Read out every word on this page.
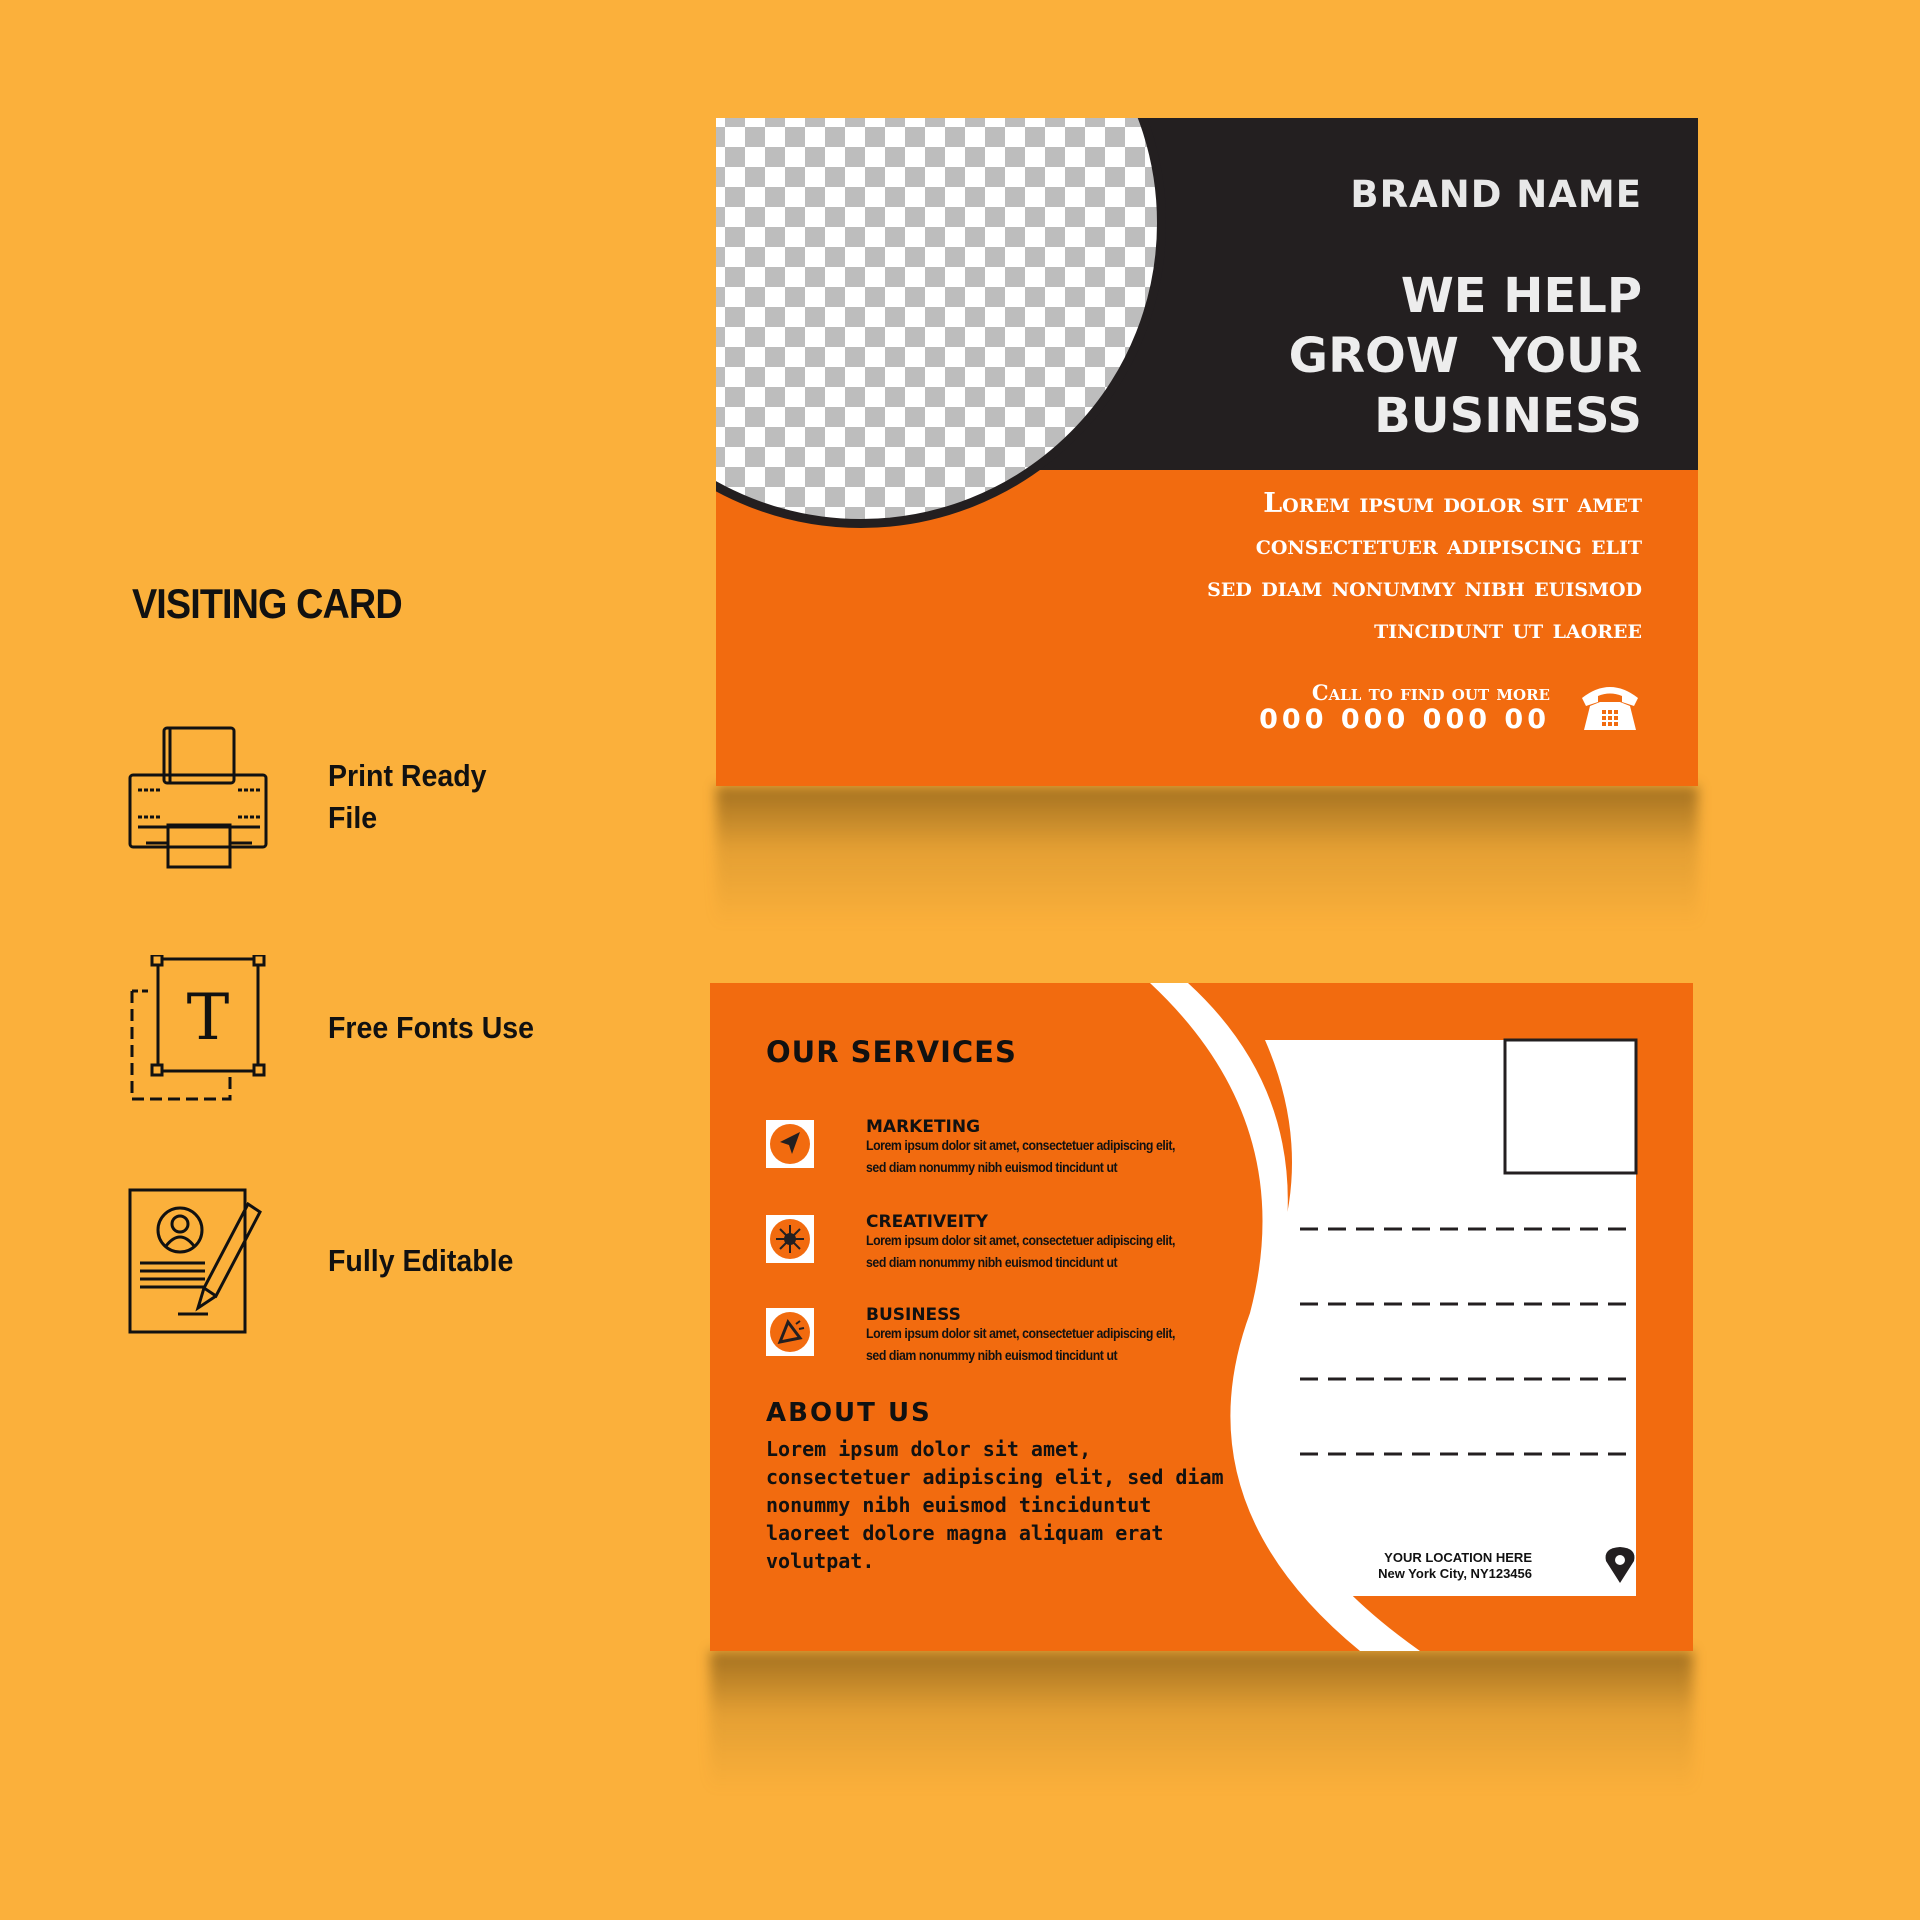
VISITING CARD
Print Ready
File
T	Free Fonts Use
Fully Editable
BRAND NAME
WE HELP
GROW  YOUR
BUSINESS
Lorem ipsum dolor sit amet
consectetuer adipiscing elit
sed diam nonummy nibh euismod
tincidunt ut laoree
Call to find out more
000 000 000 00
OUR SERVICES
MARKETING
Lorem ipsum dolor sit amet, consectetuer adipiscing elit,
sed diam nonummy nibh euismod tincidunt ut
CREATIVEITY
Lorem ipsum dolor sit amet, consectetuer adipiscing elit,
sed diam nonummy nibh euismod tincidunt ut
BUSINESS
Lorem ipsum dolor sit amet, consectetuer adipiscing elit,
sed diam nonummy nibh euismod tincidunt ut
ABOUT US
Lorem ipsum dolor sit amet, consectetuer adipiscing elit, sed diam nonummy nibh euismod tinciduntut laoreet dolore magna aliquam erat volutpat.	YOUR LOCATION HERE
New York City, NY123456
